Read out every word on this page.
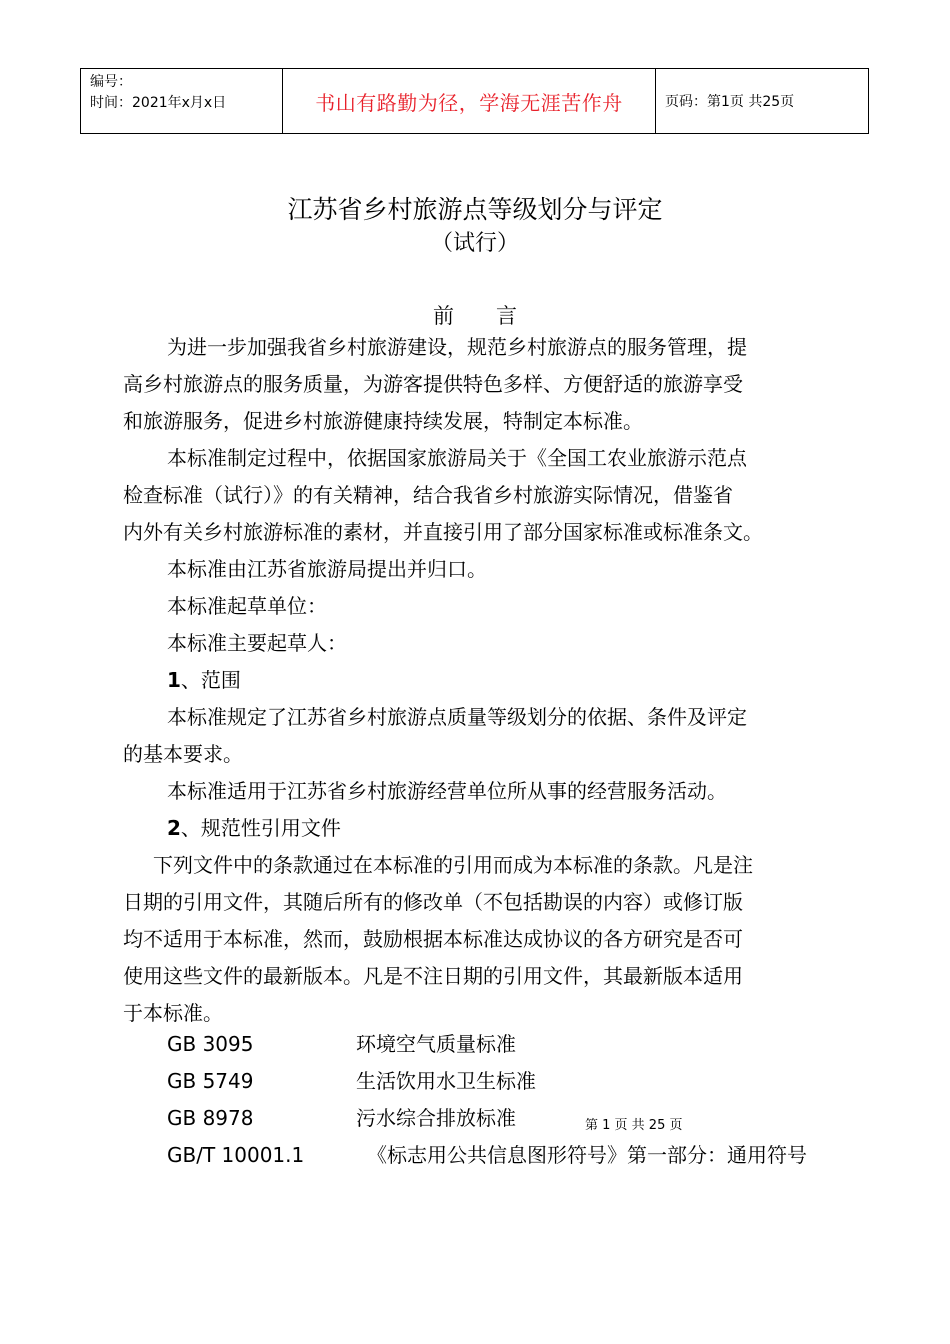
编号：
时间：2021年x月x日	书山有路勤为径，学海无涯苦作舟	页码：第1页 共25页
江苏省乡村旅游点等级划分与评定
（试行）
前　　言
为进一步加强我省乡村旅游建设，规范乡村旅游点的服务管理，提
高乡村旅游点的服务质量，为游客提供特色多样、方便舒适的旅游享受
和旅游服务，促进乡村旅游健康持续发展，特制定本标准。
本标准制定过程中，依据国家旅游局关于《全国工农业旅游示范点
检查标准（试行）》的有关精神，结合我省乡村旅游实际情况，借鉴省
内外有关乡村旅游标准的素材，并直接引用了部分国家标准或标准条文。
本标准由江苏省旅游局提出并归口。
本标准起草单位：
本标准主要起草人：
1、范围
本标准规定了江苏省乡村旅游点质量等级划分的依据、条件及评定
的基本要求。
本标准适用于江苏省乡村旅游经营单位所从事的经营服务活动。
2、规范性引用文件
下列文件中的条款通过在本标准的引用而成为本标准的条款。凡是注
日期的引用文件，其随后所有的修改单（不包括勘误的内容）或修订版
均不适用于本标准，然而，鼓励根据本标准达成协议的各方研究是否可
使用这些文件的最新版本。凡是不注日期的引用文件，其最新版本适用
于本标准。
GB 3095	环境空气质量标准
GB 5749	生活饮用水卫生标准
GB 8978	污水综合排放标准
GB/T 10001.1	《标志用公共信息图形符号》第一部分：通用符号
第 1 页 共 25 页
